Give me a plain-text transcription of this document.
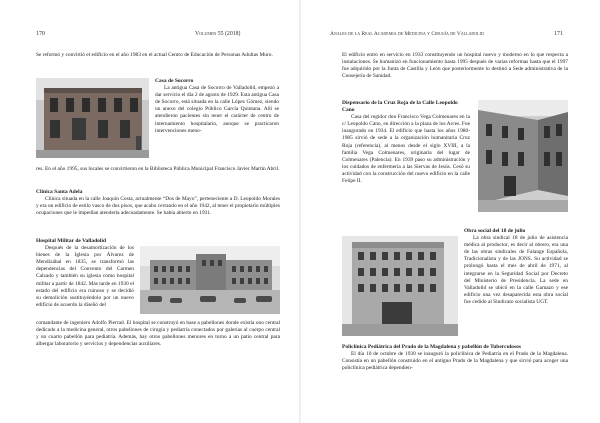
170	Volumen 55 (2018)

Se reformó y convirtió el edificio en el año 1983 en el actual Centro de Educación de Personas Adultas Muro.

Casa de Socorro

La antigua Casa de Socorro de Valladolid, empezó a dar servicio el día 2 de agosto de 1929. Esta antigua Casa de Socorro, está situada en la calle López Gómez, siendo un anexo del colegio Público García Quintana. Allí se atendieron pacientes sin tener el carácter de centro de internamiento hospitalario, aunque se practicaron intervenciones meno-

res. En el año 1995, sus locales se convirtieron en la Biblioteca Pública Municipal Francisco Javier Martín Abril.

Clínica Santa Adela

Clínica situada en la calle Joaquín Costa, actualmente “Dos de Mayo”, perteneciente a D. Leopoldo Morales y era un edificio de estilo vasco de dos pisos, que acabo cerrando en el año 1942, al tener el propietario múltiples ocupaciones que le impedían atenderla adecuadamente. Se había abierto en 1931.

Hospital Militar de Valladolid

Después de la desamortización de los bienes de la Iglesia por Álvarez de Mendizábal en 1835, se transformó las dependencias del Convento del Carmen Calzado y también su iglesia como hospital militar a partir de 1842. Más tarde en 1930 el estado del edificio era ruinoso y se decidió su demolición sustituyéndolo por un nuevo edificio de acuerdo la diseñó del

comandante de ingeniero Adolfo Pierrad. El hospital se construyó en base a pabellones donde existía uno central dedicado a la medicina general, otros pabellones de cirugía y pediatría conectados por galerías al cuerpo central y un cuarto pabellón para pediatría. Además, hay otros pabellones menores en torno a un patio central para albergar laboratorio y servicios y dependencias auxiliares.

Anales de la Real Academia de Medicina y Cirugía de Valladolid	171

El edificio entro en servicio en 1933 constituyendo un hospital nuevo y moderno en lo que respecta a instalaciones. Se humanizó en funcionamiento hasta 1995 después de varias reformas hasta que el 1997 fue adquirido por la Junta de Castilla y León que posteriormente lo destinó a Sede administrativa de la Consejería de Sanidad.

Dispensario de la Cruz Roja de la Calle Leopoldo Cano

Casa del regidor don Francisco Vega Colmenares en la c/ Leopoldo Cano, en dirección a la plaza de los Arces. Fue inaugurado en 1934. El edificio que hasta los años 1980-1985 sirvió de sede a la organización humanitaria Cruz Roja (referencia), al menos desde el siglo XVIII, a la familia Vega Colmenares, originaria del lugar de Colmenares (Palencia). En 1939 paso su administración y los cuidados de enfermería a las Siervas de Jesús. Cesó su actividad con la construcción del nuevo edificio en la calle Felipe II.

Obra social del 18 de julio

La obra sindical 18 de julio de asistencia médica al productor, es decir al obrero, era una de las obras sindicales de Falange Española, Tradicionalista y de las JONS. Su actividad se prolongó hasta el mes de abril de 1971, al integrarse en la Seguridad Social por Decreto del Ministerio de Presidencia. La sede en Valladolid se ubicó en la calle Gamazo y ese edificio una vez desaparecida esta obra social fue cedido al Sindicato socialista UGT.

Policlínica Pediátrica del Prado de la Magdalena y pabellón de Tuberculosos

El día 10 de octubre de 1930 se inauguró la policlínica de Pediatría en el Prado de la Magdalena. Consistía en un pabellón construido en el antiguo Prado de la Magdalena y que sirvió para acoger una policlínica pediátrica dependien-
